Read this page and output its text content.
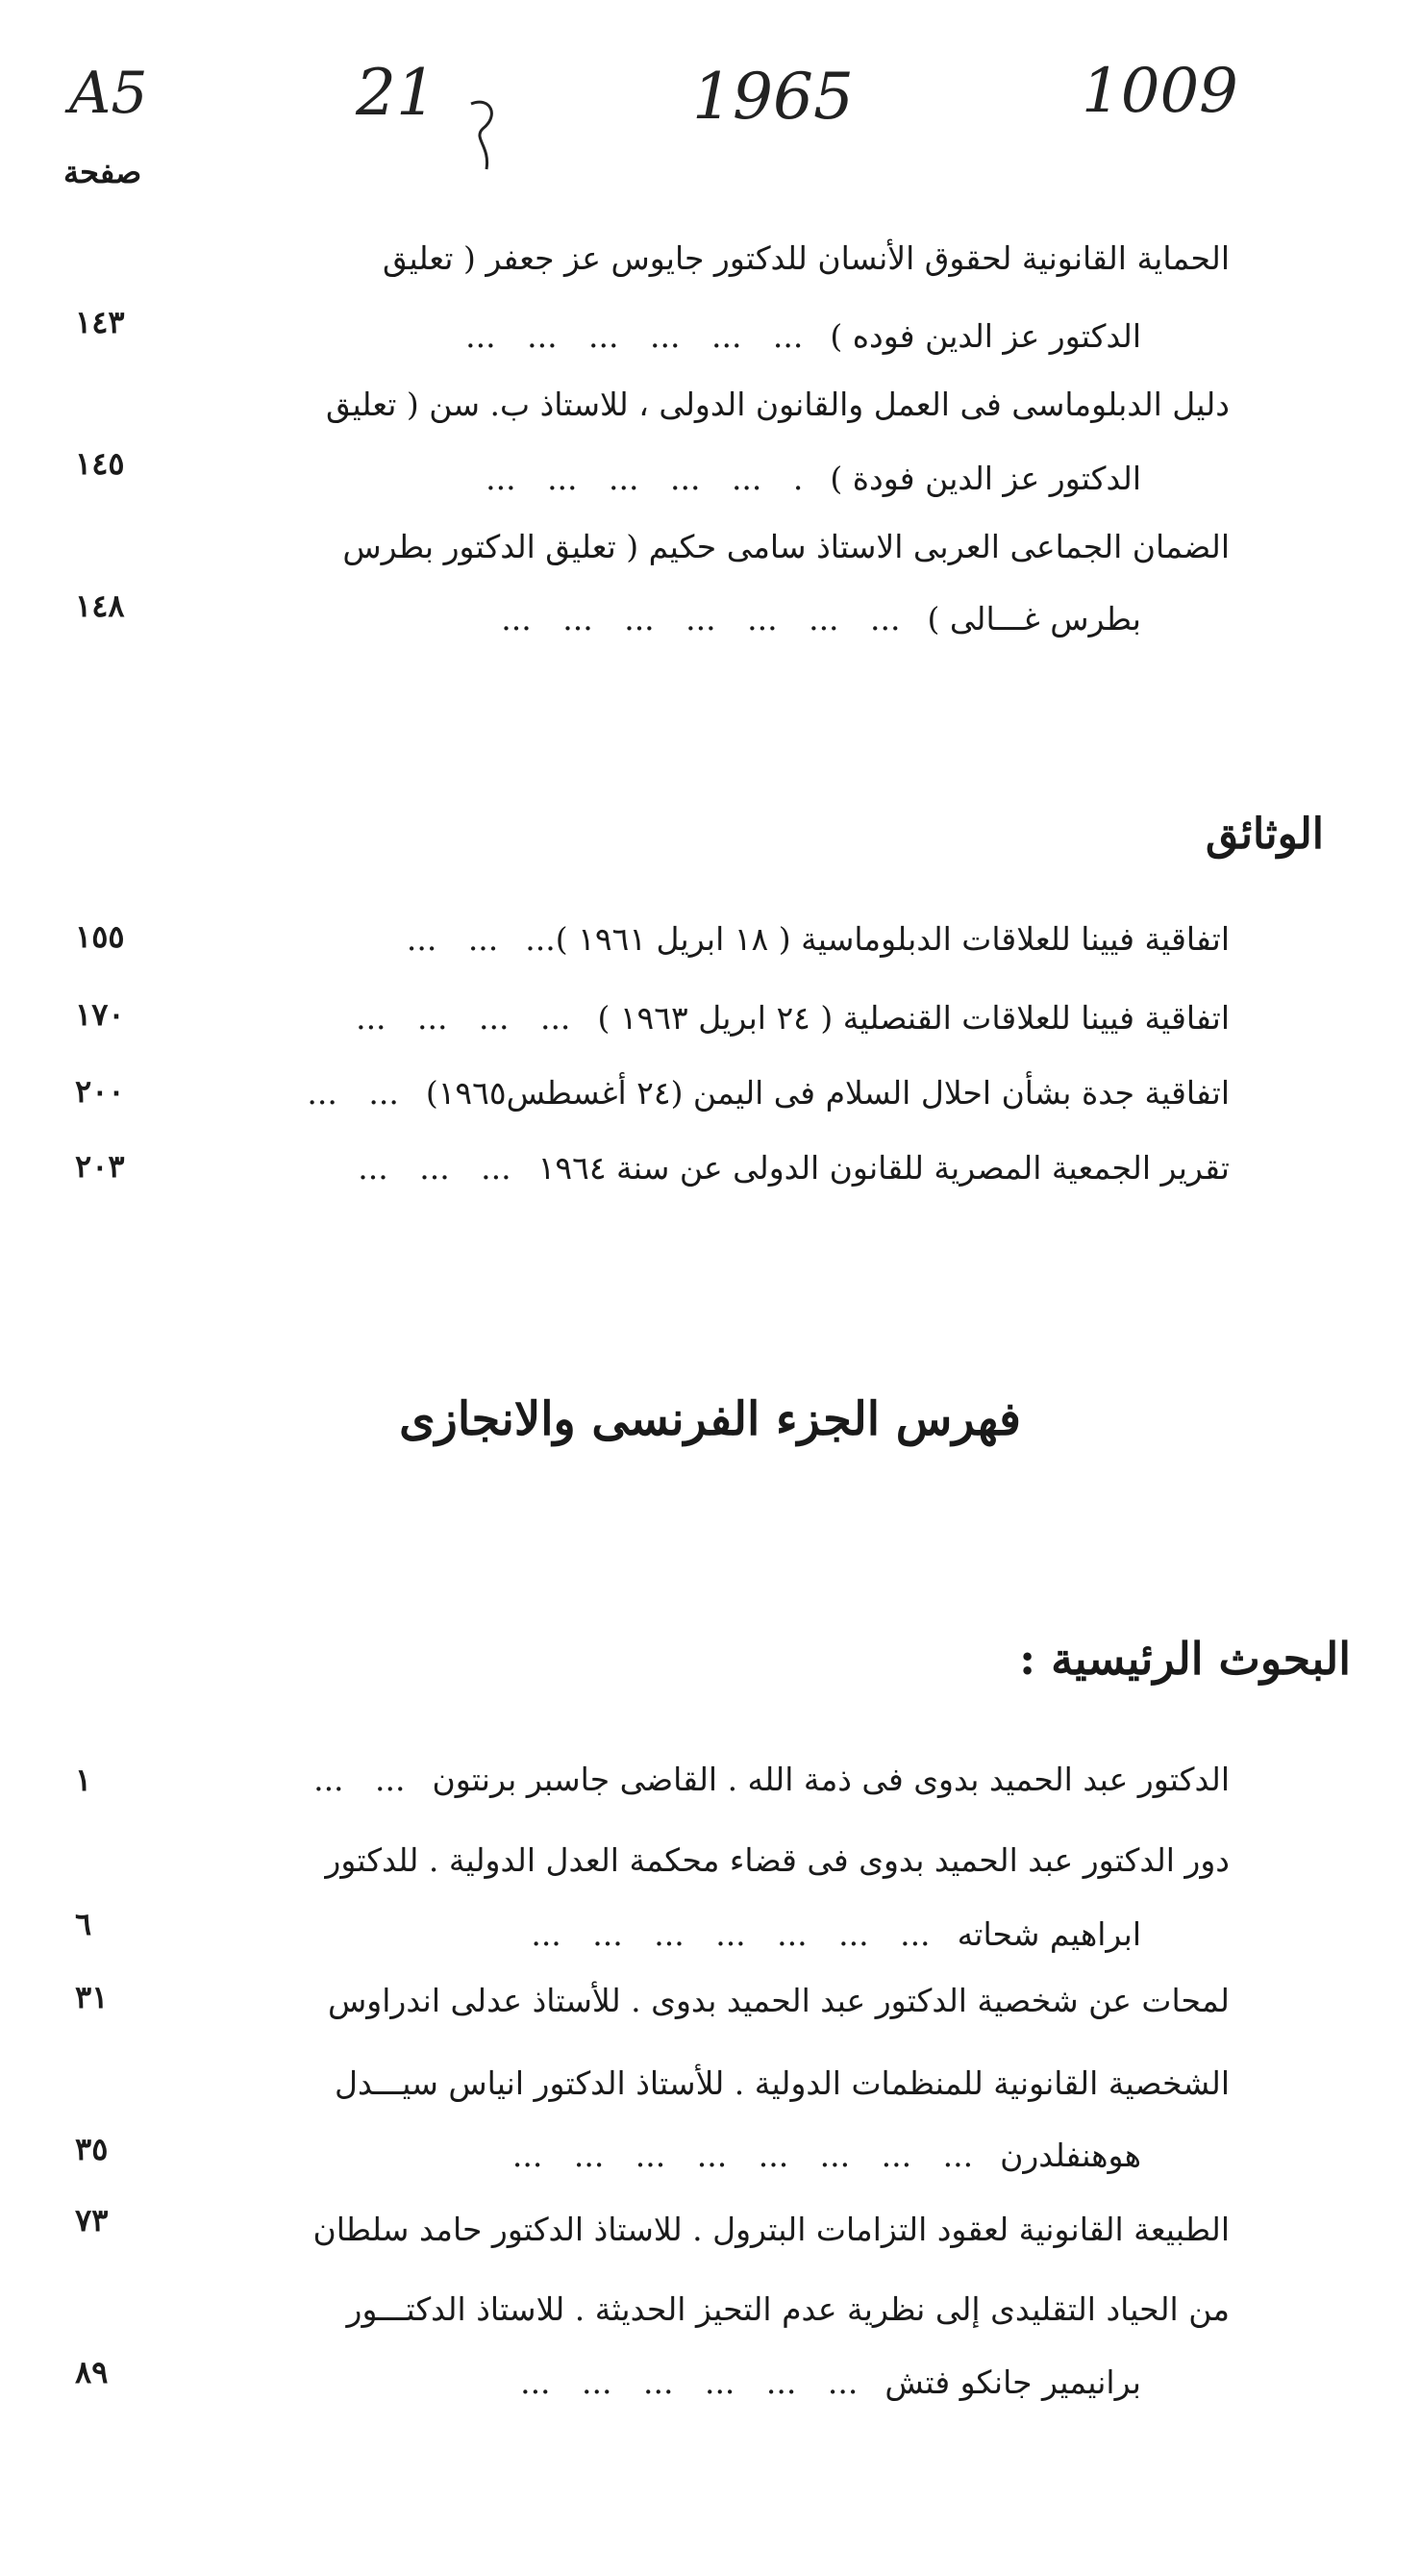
1009
1965
21
A5
صفحة
الحماية القانونية لحقوق الأنسان للدكتور جايوس عز جعفر ( تعليق
الدكتور عز الدين فوده )... ... ... ... ... ...
١٤٣
دليل الدبلوماسى فى العمل والقانون الدولى ، للاستاذ ب. سن ( تعليق
الدكتور عز الدين فودة ). ... ... ... ... ...
١٤٥
الضمان الجماعى العربى الاستاذ سامى حكيم ( تعليق الدكتور بطرس
بطرس غـــالى )... ... ... ... ... ... ...
١٤٨
الوثائق
اتفاقية فيينا للعلاقات الدبلوماسية ( ١٨ ابريل ١٩٦١ )...... ...
١٥٥
اتفاقية فيينا للعلاقات القنصلية ( ٢٤ ابريل ١٩٦٣ )... ... ... ...
١٧٠
اتفاقية جدة بشأن احلال السلام فى اليمن (٢٤ أغسطس١٩٦٥)... ...
٢٠٠
تقرير الجمعية المصرية للقانون الدولى عن سنة ١٩٦٤... ... ...
٢٠٣
فهرس الجزء الفرنسى والانجازى
البحوث الرئيسية :
الدكتور عبد الحميد بدوى فى ذمة الله . القاضى جاسبر برنتون... ...
١
دور الدكتور عبد الحميد بدوى فى قضاء محكمة العدل الدولية . للدكتور
ابراهيم شحاته... ... ... ... ... ... ...
٦
لمحات عن شخصية الدكتور عبد الحميد بدوى . للأستاذ عدلى اندراوس
٣١
الشخصية القانونية للمنظمات الدولية . للأستاذ الدكتور انياس سيـــدل
هوهنفلدرن... ... ... ... ... ... ... ...
٣٥
الطبيعة القانونية لعقود التزامات البترول . للاستاذ الدكتور حامد سلطان
٧٣
من الحياد التقليدى إلى نظرية عدم التحيز الحديثة . للاستاذ الدكتـــور
برانيمير جانكو فتش... ... ... ... ... ...
٨٩
